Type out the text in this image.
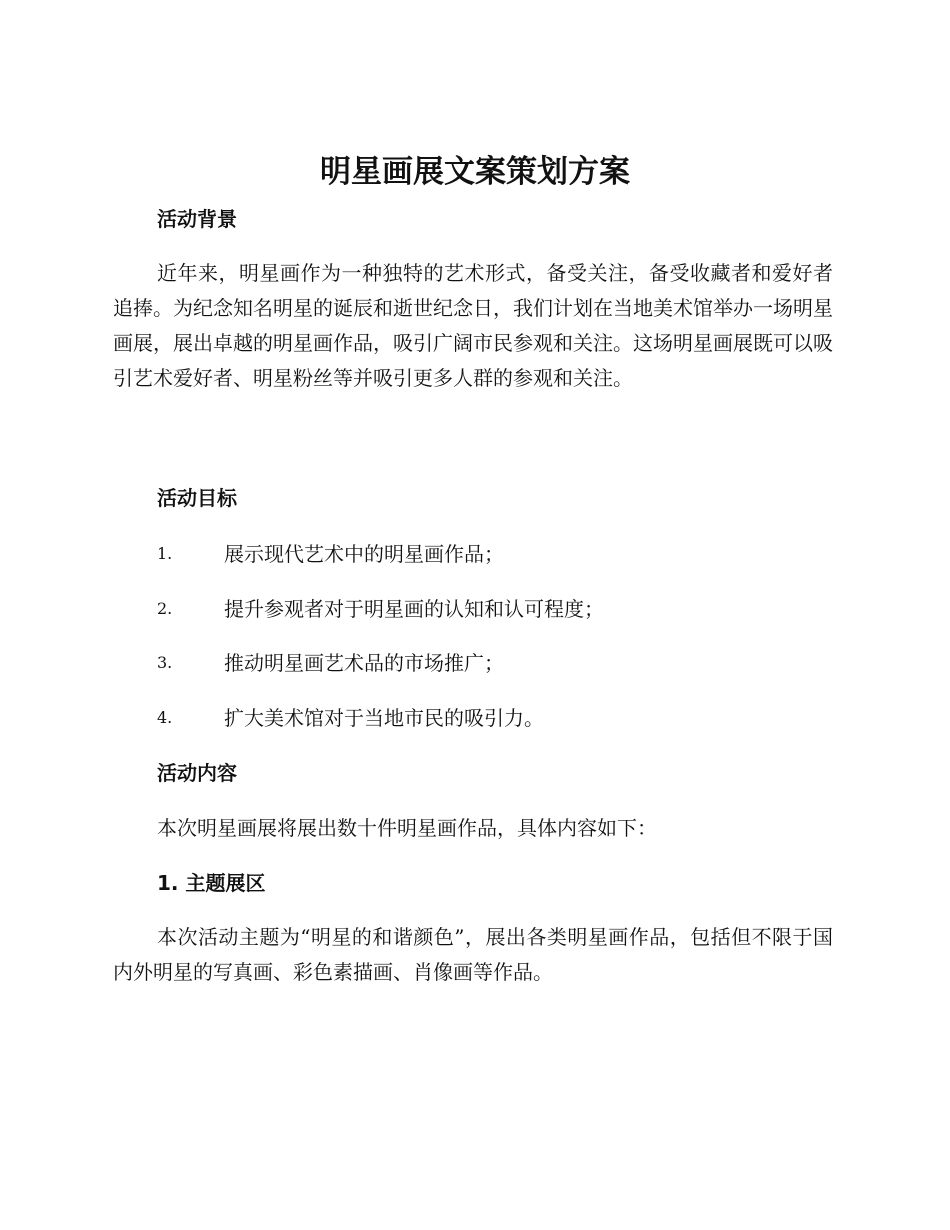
明星画展文案策划方案
活动背景

近年来，明星画作为一种独特的艺术形式，备受关注，备受收藏者和爱好者追捧。为纪念知名明星的诞辰和逝世纪念日，我们计划在当地美术馆举办一场明星画展，展出卓越的明星画作品，吸引广阔市民参观和关注。这场明星画展既可以吸引艺术爱好者、明星粉丝等并吸引更多人群的参观和关注。

活动目标
1.	展示现代艺术中的明星画作品；
2.	提升参观者对于明星画的认知和认可程度；
3.	推动明星画艺术品的市场推广；
4.	扩大美术馆对于当地市民的吸引力。
活动内容

本次明星画展将展出数十件明星画作品，具体内容如下：

1. 主题展区

本次活动主题为“明星的和谐颜色”，展出各类明星画作品，包括但不限于国内外明星的写真画、彩色素描画、肖像画等作品。
